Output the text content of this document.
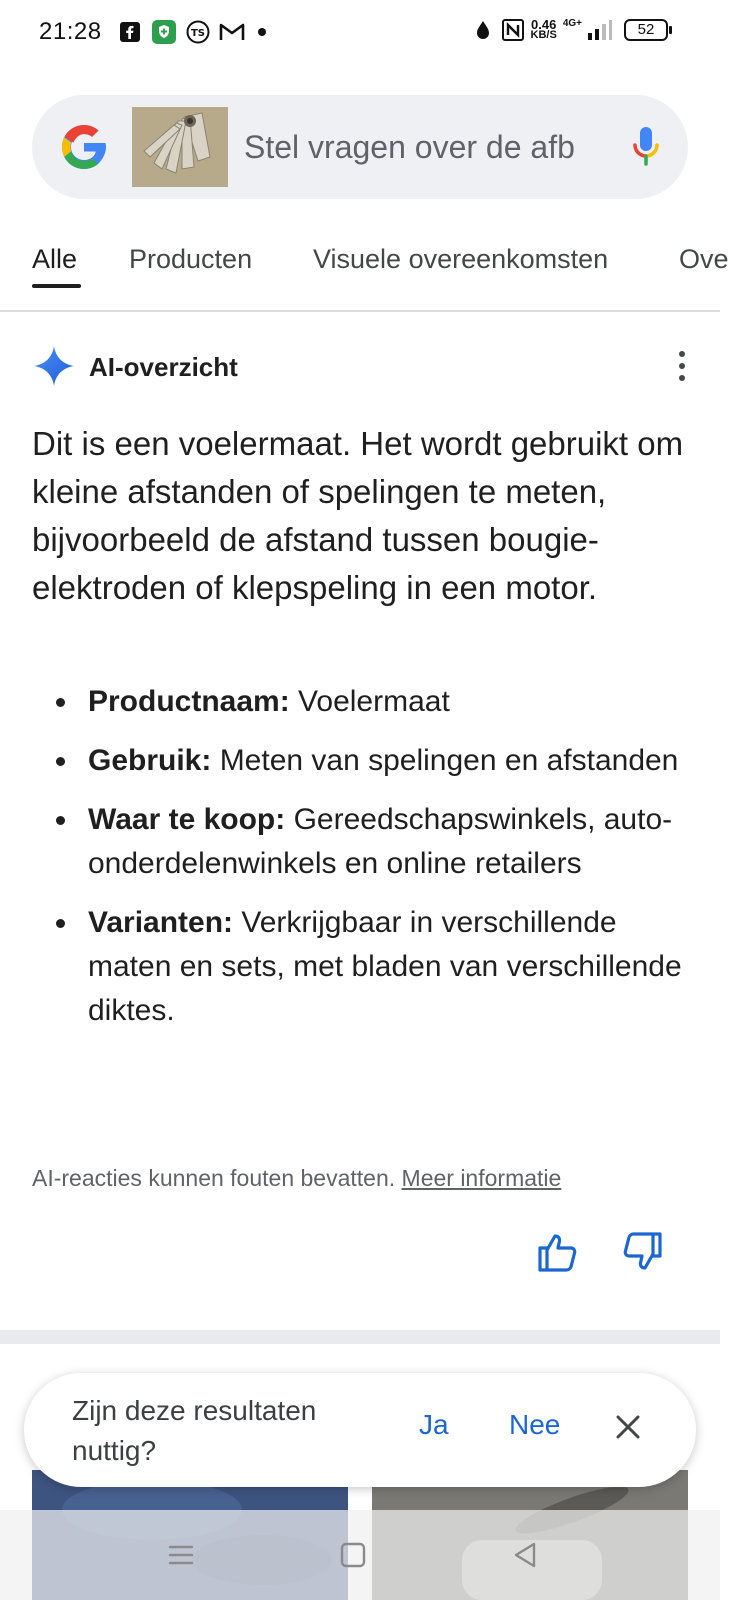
21:28	TS
0.46
KB/S
4G+	52
Stel vragen over de afb
Alle Producten Visuele overeenkomsten	Ove
AI-overzicht

Dit is een voelermaat. Het wordt gebruikt om kleine afstanden of spelingen te meten, bijvoorbeeld de afstand tussen bougie-elektroden of klepspeling in een motor.

Productnaam: Voelermaat
Gebruik: Meten van spelingen en afstanden
Waar te koop: Gereedschapswinkels, auto-onderdelenwinkels en online retailers
Varianten: Verkrijgbaar in verschillende maten en sets, met bladen van verschillende diktes.

AI-reacties kunnen fouten bevatten. Meer informatie

Zijn deze resultaten nuttig?

Ja Nee
